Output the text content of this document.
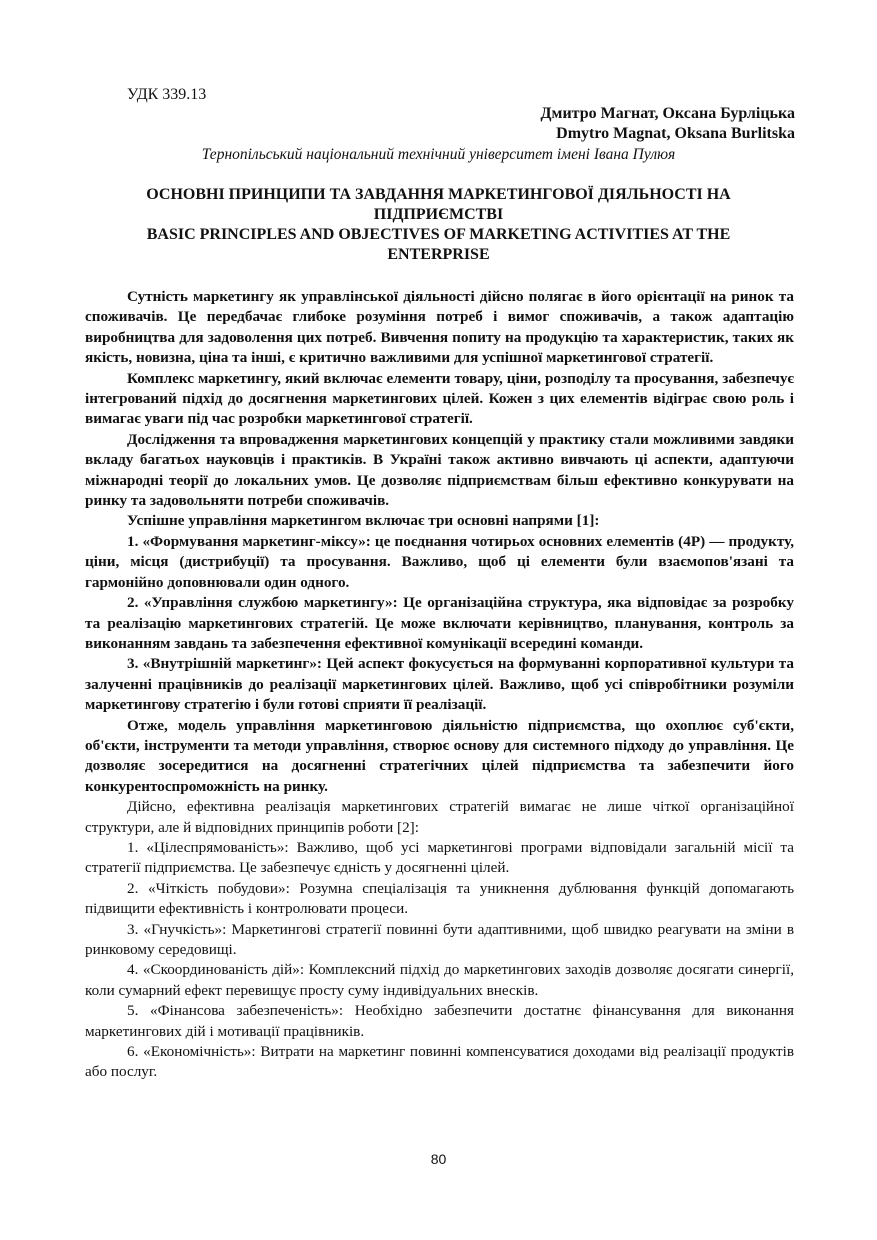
УДК 339.13
Дмитро Магнат, Оксана Бурліцька
Dmytro Magnat, Oksana Burlitska
Тернопільський національний технічний університет імені Івана Пулюя
ОСНОВНІ ПРИНЦИПИ ТА ЗАВДАННЯ МАРКЕТИНГОВОЇ ДІЯЛЬНОСТІ НА
ПІДПРИЄМСТВІ
BASIC PRINCIPLES AND OBJECTIVES OF MARKETING ACTIVITIES AT THE
ENTERPRISE

Сутність маркетингу як управлінської діяльності дійсно полягає в його орієнтації на ринок та споживачів. Це передбачає глибоке розуміння потреб і вимог споживачів, а також адаптацію виробництва для задоволення цих потреб. Вивчення попиту на продукцію та характеристик, таких як якість, новизна, ціна та інші, є критично важливими для успішної маркетингової стратегії.

Комплекс маркетингу, який включає елементи товару, ціни, розподілу та просування, забезпечує інтегрований підхід до досягнення маркетингових цілей. Кожен з цих елементів відіграє свою роль і вимагає уваги під час розробки маркетингової стратегії.

Дослідження та впровадження маркетингових концепцій у практику стали можливими завдяки вкладу багатьох науковців і практиків. В Україні також активно вивчають ці аспекти, адаптуючи міжнародні теорії до локальних умов. Це дозволяє підприємствам більш ефективно конкурувати на ринку та задовольняти потреби споживачів.

Успішне управління маркетингом включає три основні напрями [1]:

1. «Формування маркетинг-міксу»: це поєднання чотирьох основних елементів (4P) — продукту, ціни, місця (дистрибуції) та просування. Важливо, щоб ці елементи були взаємопов'язані та гармонійно доповнювали один одного.

2. «Управління службою маркетингу»: Це організаційна структура, яка відповідає за розробку та реалізацію маркетингових стратегій. Це може включати керівництво, планування, контроль за виконанням завдань та забезпечення ефективної комунікації всередині команди.

3. «Внутрішній маркетинг»: Цей аспект фокусується на формуванні корпоративної культури та залученні працівників до реалізації маркетингових цілей. Важливо, щоб усі співробітники розуміли маркетингову стратегію і були готові сприяти її реалізації.

Отже, модель управління маркетинговою діяльністю підприємства, що охоплює суб'єкти, об'єкти, інструменти та методи управління, створює основу для системного підходу до управління. Це дозволяє зосередитися на досягненні стратегічних цілей підприємства та забезпечити його конкурентоспроможність на ринку.

Дійсно, ефективна реалізація маркетингових стратегій вимагає не лише чіткої організаційної структури, але й відповідних принципів роботи [2]:

1. «Цілеспрямованість»: Важливо, щоб усі маркетингові програми відповідали загальній місії та стратегії підприємства. Це забезпечує єдність у досягненні цілей.

2. «Чіткість побудови»: Розумна спеціалізація та уникнення дублювання функцій допомагають підвищити ефективність і контролювати процеси.

3. «Гнучкість»: Маркетингові стратегії повинні бути адаптивними, щоб швидко реагувати на зміни в ринковому середовищі.

4. «Скоординованість дій»: Комплексний підхід до маркетингових заходів дозволяє досягати синергії, коли сумарний ефект перевищує просту суму індивідуальних внесків.

5. «Фінансова забезпеченість»: Необхідно забезпечити достатнє фінансування для виконання маркетингових дій і мотивації працівників.

6. «Економічність»: Витрати на маркетинг повинні компенсуватися доходами від реалізації продуктів або послуг.

80
